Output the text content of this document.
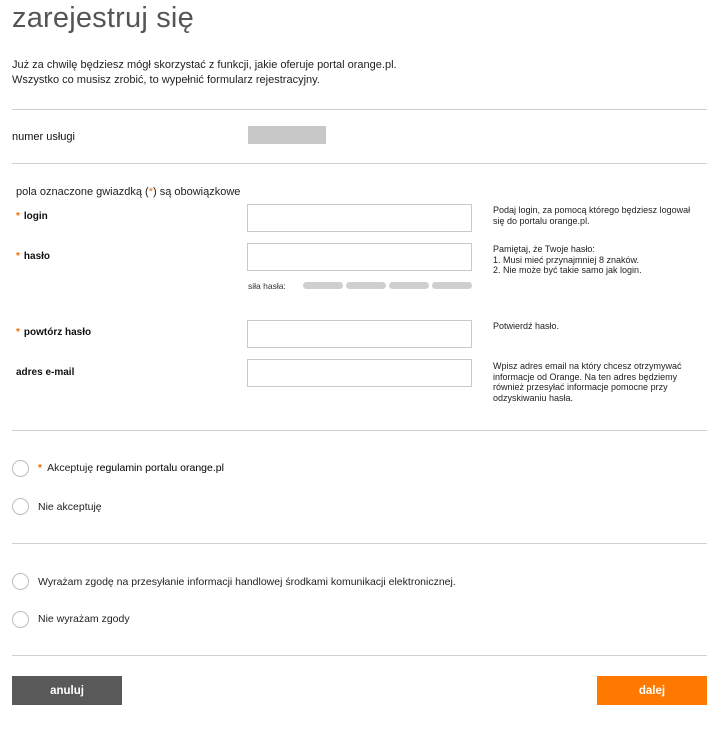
zarejestruj się
Już za chwilę będziesz mógł skorzystać z funkcji, jakie oferuje portal orange.pl.
Wszystko co musisz zrobić, to wypełnić formularz rejestracyjny.
numer usługi
pola oznaczone gwiazdką (*) są obowiązkowe
* login
Podaj login, za pomocą którego będziesz logował się do portalu orange.pl.
* hasło
Pamiętaj, że Twoje hasło:
1. Musi mieć przynajmniej 8 znaków.
2. Nie może być takie samo jak login.
siła hasła:
* powtórz hasło
Potwierdź hasło.
adres e-mail
Wpisz adres email na który chcesz otrzymywać informacje od Orange. Na ten adres będziemy również przesyłać informacje pomocne przy odzyskiwaniu hasła.
* Akceptuję regulamin portalu orange.pl
Nie akceptuję
Wyrażam zgodę na przesyłanie informacji handlowej środkami komunikacji elektronicznej.
Nie wyrażam zgody
anuluj	dalej
